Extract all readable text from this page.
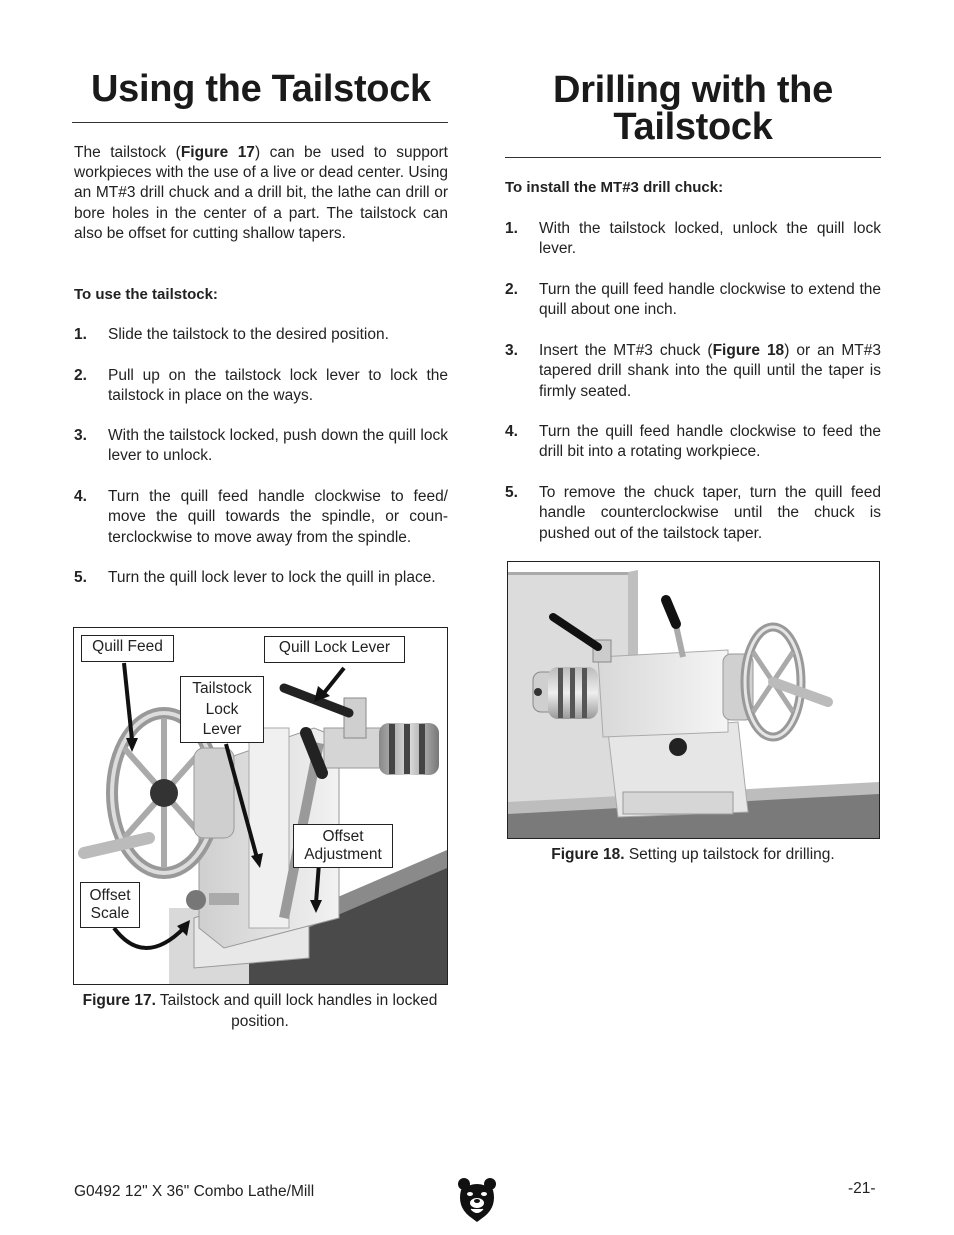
Using the Tailstock

The tailstock (Figure 17) can be used to support workpieces with the use of a live or dead center. Using an MT#3 drill chuck and a drill bit, the lathe can drill or bore holes in the center of a part. The tailstock can also be offset for cutting shallow tapers.

To use the tailstock:

1. Slide the tailstock to the desired position.
2. Pull up on the tailstock lock lever to lock the tailstock in place on the ways.
3. With the tailstock locked, push down the quill lock lever to unlock.
4. Turn the quill feed handle clockwise to feed/ move the quill towards the spindle, or coun-terclockwise to move away from the spindle.
5. Turn the quill lock lever to lock the quill in place.
Quill Feed	Quill Lock Lever
Tailstock Lock Lever
Offset Adjustment
Offset Scale
Figure 17. Tailstock and quill lock handles in locked position.
Drilling with the Tailstock

To install the MT#3 drill chuck:

1. With the tailstock locked, unlock the quill lock lever.
2. Turn the quill feed handle clockwise to extend the quill about one inch.
3. Insert the MT#3 chuck (Figure 18) or an MT#3 tapered drill shank into the quill until the taper is firmly seated.
4. Turn the quill feed handle clockwise to feed the drill bit into a rotating workpiece.
5. To remove the chuck taper, turn the quill feed handle counterclockwise until the chuck is pushed out of the tailstock taper.
Figure 18. Setting up tailstock for drilling.
G0492 12" X 36" Combo Lathe/Mill	-21-
